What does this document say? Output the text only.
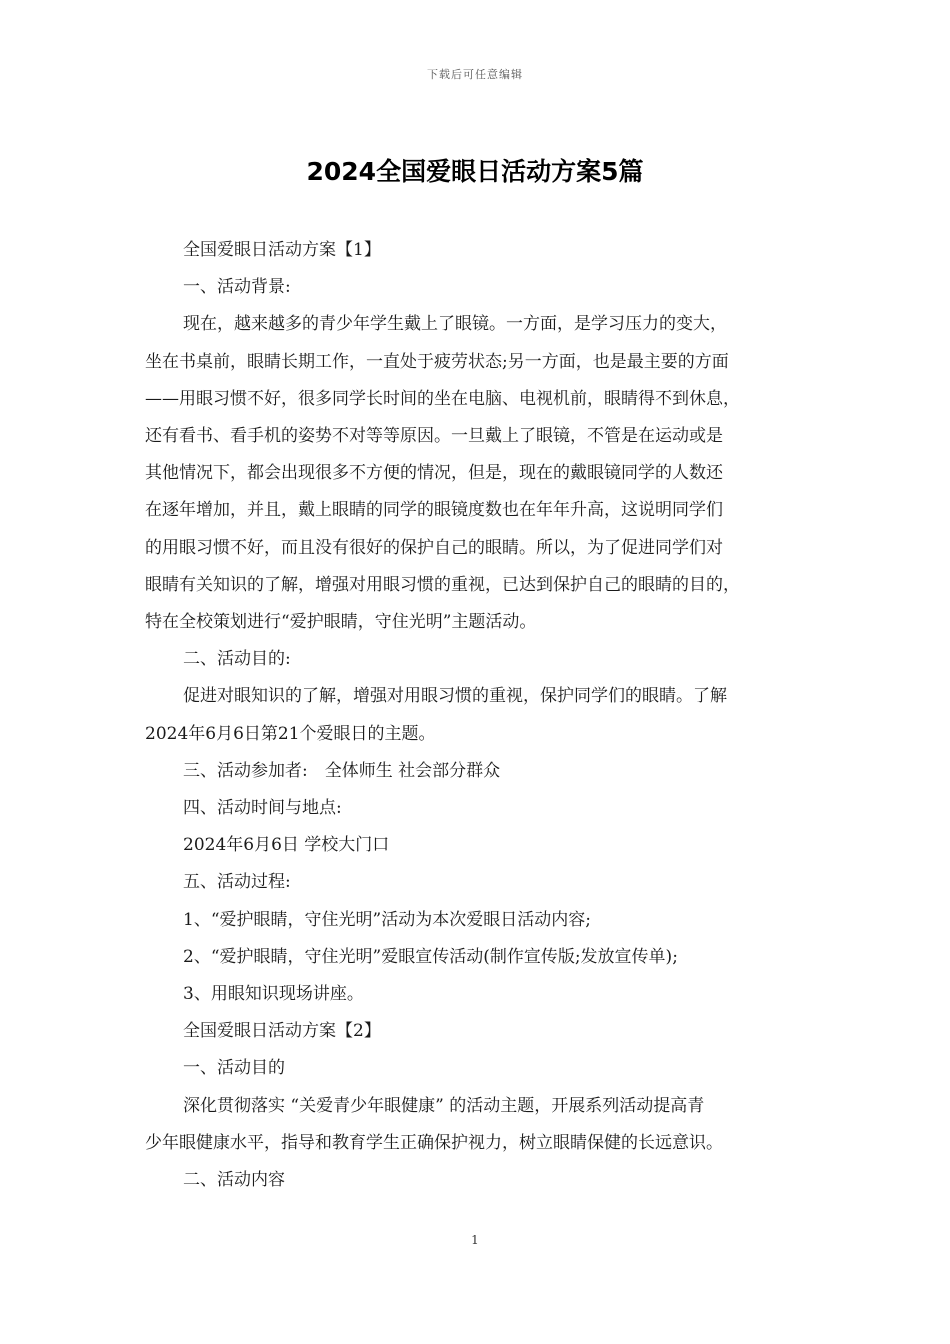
下载后可任意编辑
2024全国爱眼日活动方案5篇

全国爱眼日活动方案【1】

一、活动背景:

现在，越来越多的青少年学生戴上了眼镜。一方面，是学习压力的变大，

坐在书桌前，眼睛长期工作，一直处于疲劳状态;另一方面，也是最主要的方面

——用眼习惯不好，很多同学长时间的坐在电脑、电视机前，眼睛得不到休息，

还有看书、看手机的姿势不对等等原因。一旦戴上了眼镜，不管是在运动或是

其他情况下，都会出现很多不方便的情况，但是，现在的戴眼镜同学的人数还

在逐年增加，并且，戴上眼睛的同学的眼镜度数也在年年升高，这说明同学们

的用眼习惯不好，而且没有很好的保护自己的眼睛。所以，为了促进同学们对

眼睛有关知识的了解，增强对用眼习惯的重视，已达到保护自己的眼睛的目的，

特在全校策划进行“爱护眼睛，守住光明”主题活动。

二、活动目的:

促进对眼知识的了解，增强对用眼习惯的重视，保护同学们的眼睛。了解

2024年6月6日第21个爱眼日的主题。

三、活动参加者:　全体师生 社会部分群众

四、活动时间与地点:

2024年6月6日 学校大门口

五、活动过程:

1、“爱护眼睛，守住光明”活动为本次爱眼日活动内容;

2、“爱护眼睛，守住光明”爱眼宣传活动(制作宣传版;发放宣传单);

3、用眼知识现场讲座。

全国爱眼日活动方案【2】

一、活动目的

深化贯彻落实 “关爱青少年眼健康” 的活动主题，开展系列活动提高青

少年眼健康水平，指导和教育学生正确保护视力，树立眼睛保健的长远意识。

二、活动内容

1
